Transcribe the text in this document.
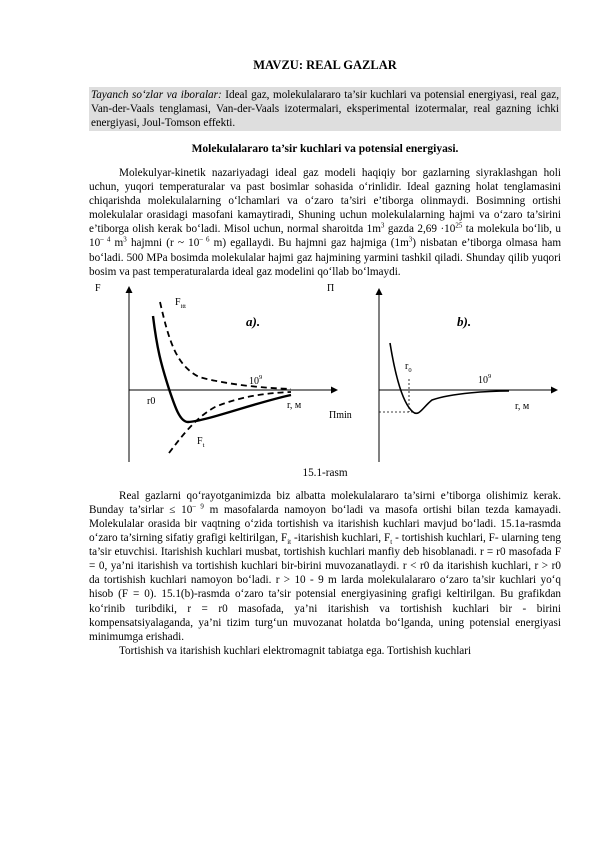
MAVZU: REAL GAZLAR
Tayanch so‘zlar va iboralar: Ideal gaz, molekulalararo ta’sir kuchlari va potensial energiyasi, real gaz, Van-der-Vaals tenglamasi, Van-der-Vaals izotermalari, eksperimental izotermalar, real gazning ichki energiyasi, Joul-Tomson effekti.
Molekulalararo ta’sir kuchlari va potensial energiyasi.

Molekulyar-kinetik nazariyadagi ideal gaz modeli haqiqiy bor gazlarning siyraklashgan holi uchun, yuqori temperaturalar va past bosimlar sohasida o‘rinlidir. Ideal gazning holat tenglamasini chiqarishda molekulalarning o‘lchamlari va o‘zaro ta’siri e’tiborga olinmaydi. Bosimning ortishi molekulalar orasidagi masofani kamaytiradi, Shuning uchun molekulalarning hajmi va o‘zaro ta’sirini e’tiborga olish kerak bo‘ladi. Misol uchun, normal sharoitda $1m^3$ gazda $2,69 \cdot 10^{25}$ ta molekula bo‘lib, u $10^{- 4}$ $m^3$ hajmni (r ~ $10^{- 6}$ m) egallaydi. Bu hajmni gaz hajmiga $(1m^3)$ nisbatan e’tiborga olmasa ham bo‘ladi. 500 MPa bosimda molekulalar hajmi gaz hajmining yarmini tashkil qiladi. Shunday qilib yuqori bosim va past temperaturalarda ideal gaz modelini qo‘llab bo‘lmaydi.

F
$F_{itt}$
a).
$10^9$
r0	r, м
$F_t$
Π
b).
$r_0$
$10^9$
r, м
Πmin
15.1-rasm

Real gazlarni qo‘rayotganimizda biz albatta molekulalararo ta’sirni e’tiborga olishimiz kerak. Bunday ta’sirlar ≤ $10^{- 9}$ m masofalarda namoyon bo‘ladi va masofa ortishi bilan tezda kamayadi. Molekulalar orasida bir vaqtning o‘zida tortishish va itarishish kuchlari mavjud bo‘ladi. 15.1a-rasmda o‘zaro ta’sirning sifatiy grafigi keltirilgan, $F_{it}$ -itarishish kuchlari, $F_t$ - tortishish kuchlari, F- ularning teng ta’sir etuvchisi. Itarishish kuchlari musbat, tortishish kuchlari manfiy deb hisoblanadi. r = r0 masofada F = 0, ya’ni itarishish va tortishish kuchlari bir-birini muvozanatlaydi. r < r0 da itarishish kuchlari, r > r0 da tortishish kuchlari namoyon bo‘ladi. r > 10 - 9 m larda molekulalararo o‘zaro ta’sir kuchlari yo‘q hisob (F = 0). 15.1(b)-rasmda o‘zaro ta’sir potensial energiyasining grafigi keltirilgan. Bu grafikdan ko‘rinib turibdiki, r = r0 masofada, ya’ni itarishish va tortishish kuchlari bir - birini kompensatsiyalaganda, ya’ni tizim turg‘un muvozanat holatda bo‘lganda, uning potensial energiyasi minimumga erishadi.

Tortishish va itarishish kuchlari elektromagnit tabiatga ega. Tortishish kuchlari
